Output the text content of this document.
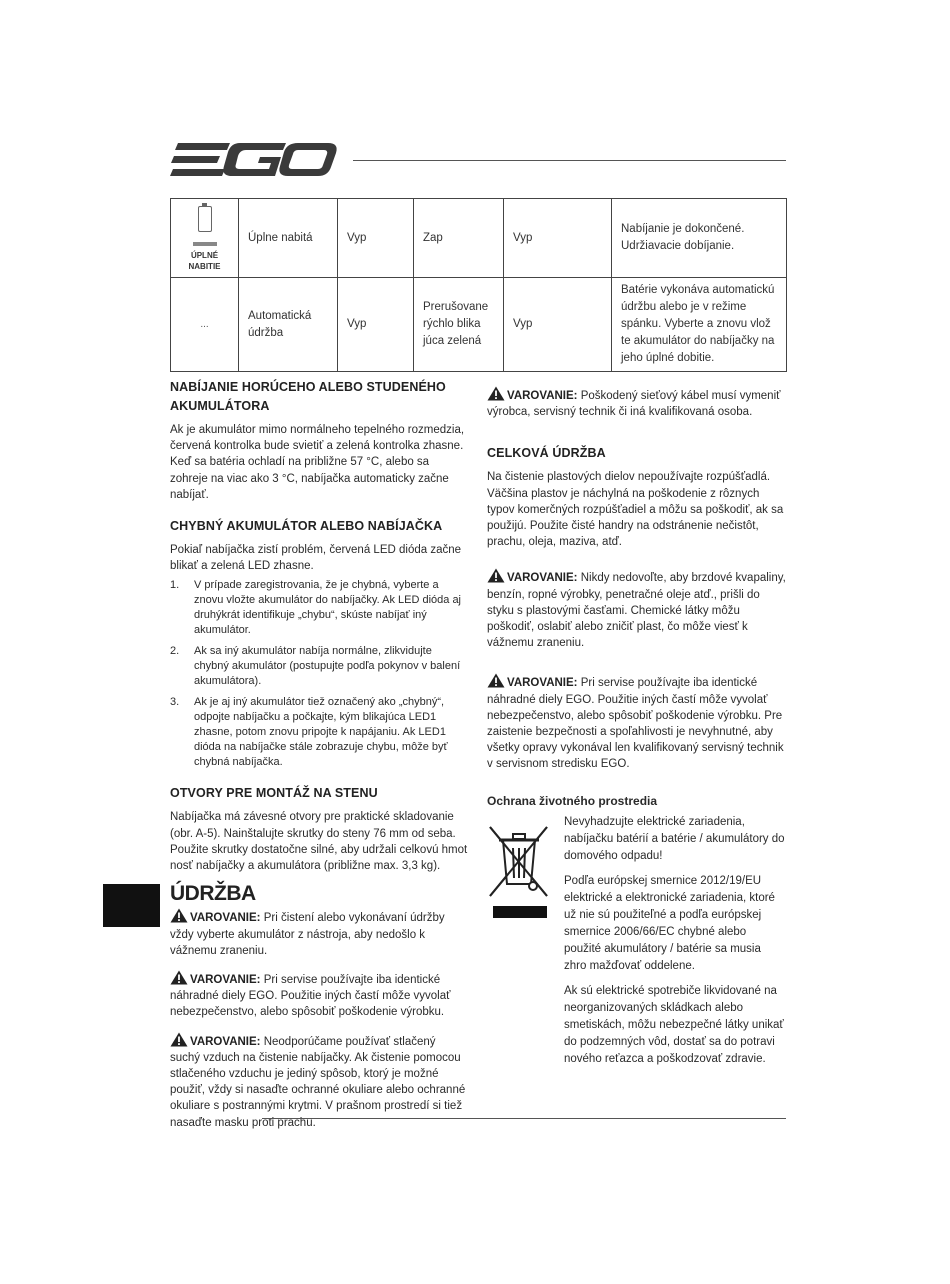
ÚPLNÉ NABITIE	Úplne nabitá	Vyp	Zap	Vyp	Nabíjanie je dokončené. Udržiavacie dobíjanie.
...	Automatická údržba	Vyp	Prerušovane rýchlo blika júca zelená	Vyp	Batérie vykonáva automatickú údržbu alebo je v režime spánku. Vyberte a znovu vlož te akumulátor do nabíjačky na jeho úplné dobitie.
NABÍJANIE HORÚCEHO ALEBO STUDENÉHO AKUMULÁTORA

Ak je akumulátor mimo normálneho tepelného rozmedzia, červená kontrolka bude svietiť a zelená kontrolka zhasne. Keď sa batéria ochladí na približne 57 °C, alebo sa zohreje na viac ako 3 °C, nabíjačka automaticky začne nabíjať.

CHYBNÝ AKUMULÁTOR ALEBO NABÍJAČKA

Pokiaľ nabíjačka zistí problém, červená LED dióda začne blikať a zelená LED zhasne.

1. V prípade zaregistrovania, že je chybná, vyberte a znovu vložte akumulátor do nabíjačky. Ak LED dióda aj druhýkrát identifikuje „chybu“, skúste nabíjať iný akumulátor.
2. Ak sa iný akumulátor nabíja normálne, zlikvidujte chybný akumulátor (postupujte podľa pokynov v balení akumulátora).
3. Ak je aj iný akumulátor tiež označený ako „chybný“, odpojte nabíjačku a počkajte, kým blikajúca LED1 zhasne, potom znovu pripojte k napájaniu. Ak LED1 dióda na nabíjačke stále zobrazuje chybu, môže byť chybná nabíjačka.
OTVORY PRE MONTÁŽ NA STENU

Nabíjačka má závesné otvory pre praktické skladovanie (obr. A-5). Nainštalujte skrutky do steny 76 mm od seba. Použite skrutky dostatočne silné, aby udržali celkovú hmot nosť nabíjačky a akumulátora (približne max. 3,3 kg).

ÚDRŽBA

VAROVANIE: Pri čistení alebo vykonávaní údržby vždy vyberte akumulátor z nástroja, aby nedošlo k vážnemu zraneniu.

VAROVANIE: Pri servise používajte iba identické náhradné diely EGO. Použitie iných častí môže vyvolať nebezpečenstvo, alebo spôsobiť poškodenie výrobku.

VAROVANIE: Neodporúčame používať stlačený suchý vzduch na čistenie nabíjačky. Ak čistenie pomocou stlačeného vzduchu je jediný spôsob, ktorý je možné použiť, vždy si nasaďte ochranné okuliare alebo ochranné okuliare s postrannými krytmi. V prašnom prostredí si tiež nasaďte masku proti prachu.

VAROVANIE: Poškodený sieťový kábel musí vymeniť výrobca, servisný technik či iná kvalifikovaná osoba.

CELKOVÁ ÚDRŽBA

Na čistenie plastových dielov nepoužívajte rozpúšťadlá. Väčšina plastov je náchylná na poškodenie z rôznych typov komerčných rozpúšťadiel a môžu sa poškodiť, ak sa použijú. Použite čisté handry na odstránenie nečistôt, prachu, oleja, maziva, atď.

VAROVANIE: Nikdy nedovoľte, aby brzdové kvapaliny, benzín, ropné výrobky, penetračné oleje atď., prišli do styku s plastovými časťami. Chemické látky môžu poškodiť, oslabiť alebo zničiť plast, čo môže viesť k vážnemu zraneniu.

VAROVANIE: Pri servise používajte iba identické náhradné diely EGO. Použitie iných častí môže vyvolať nebezpečenstvo, alebo spôsobiť poškodenie výrobku. Pre zaistenie bezpečnosti a spoľahlivosti je nevyhnutné, aby všetky opravy vykonával len kvalifikovaný servisný technik v servisnom stredisku EGO.

Ochrana životného prostredia

Nevyhadzujte elektrické zariadenia, nabíjačku batérií a batérie / akumulátory do domového odpadu!

Podľa európskej smernice 2012/19/EU elektrické a elektronické zariadenia, ktoré už nie sú použiteľné a podľa európskej smernice 2006/66/EC chybné alebo použité akumulátory / batérie sa musia zhro mažďovať oddelene.

Ak sú elektrické spotrebiče likvidované na neorganizovaných skládkach alebo smetiskách, môžu nebezpečné látky unikať do podzemných vôd, dostať sa do potravi nového reťazca a poškodzovať zdravie.
